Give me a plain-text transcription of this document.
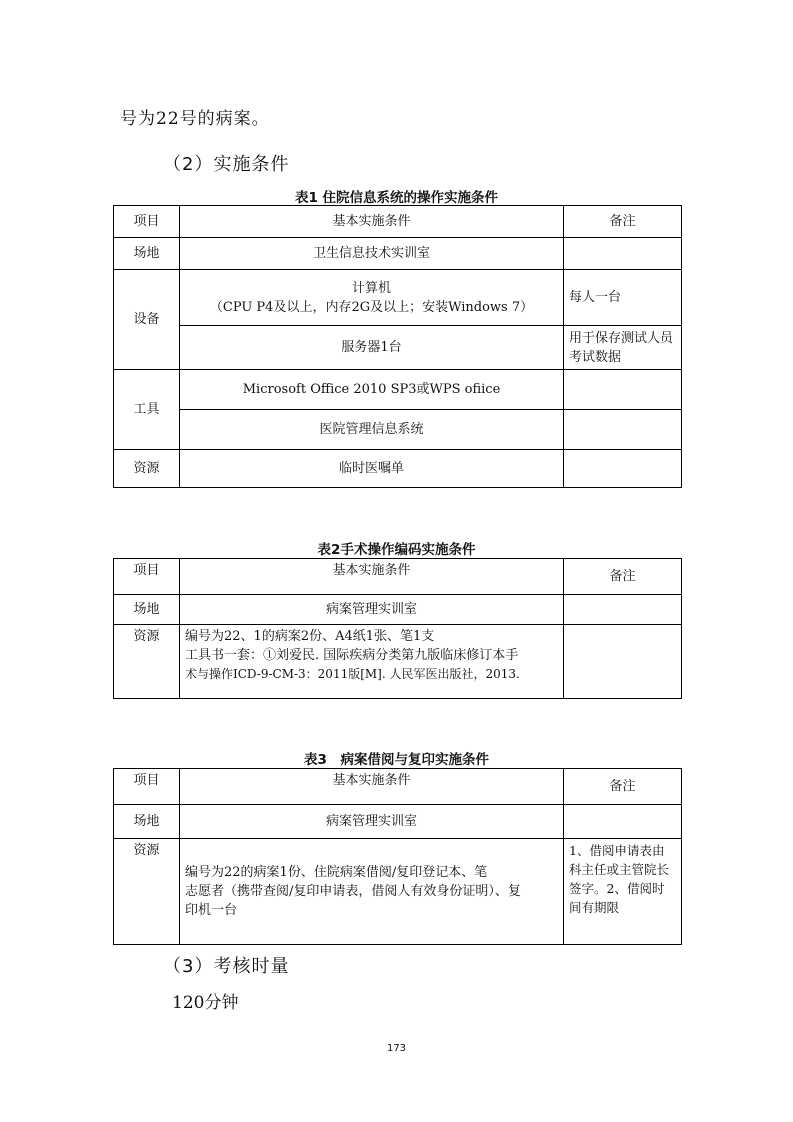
号为22号的病案。
（2）实施条件
表1 住院信息系统的操作实施条件
项目	基本实施条件	备注
场地	卫生信息技术实训室	
设备	计算机
（CPU P4及以上，内存2G及以上；安装Windows 7）	每人一台
	服务器1台	用于保存测试人员考试数据
工具	Microsoft Office 2010 SP3或WPS ofiice	
	医院管理信息系统	
资源	临时医嘱单	
表2手术操作编码实施条件
项目	基本实施条件	备注
场地	病案管理实训室	
资源	编号为22、1的病案2份、A4纸1张、笔1支
工具书一套：①刘爱民. 国际疾病分类第九版临床修订本手
术与操作ICD-9-CM-3：2011版[M]. 人民军医出版社，2013.	

表3　病案借阅与复印实施条件
项目	基本实施条件	备注
场地	病案管理实训室	
资源	编号为22的病案1份、住院病案借阅/复印登记本、笔
志愿者（携带查阅/复印申请表，借阅人有效身份证明）、复
印机一台	1、借阅申请表由科主任或主管院长签字。2、借阅时间有期限
（3）考核时量
120分钟
173
